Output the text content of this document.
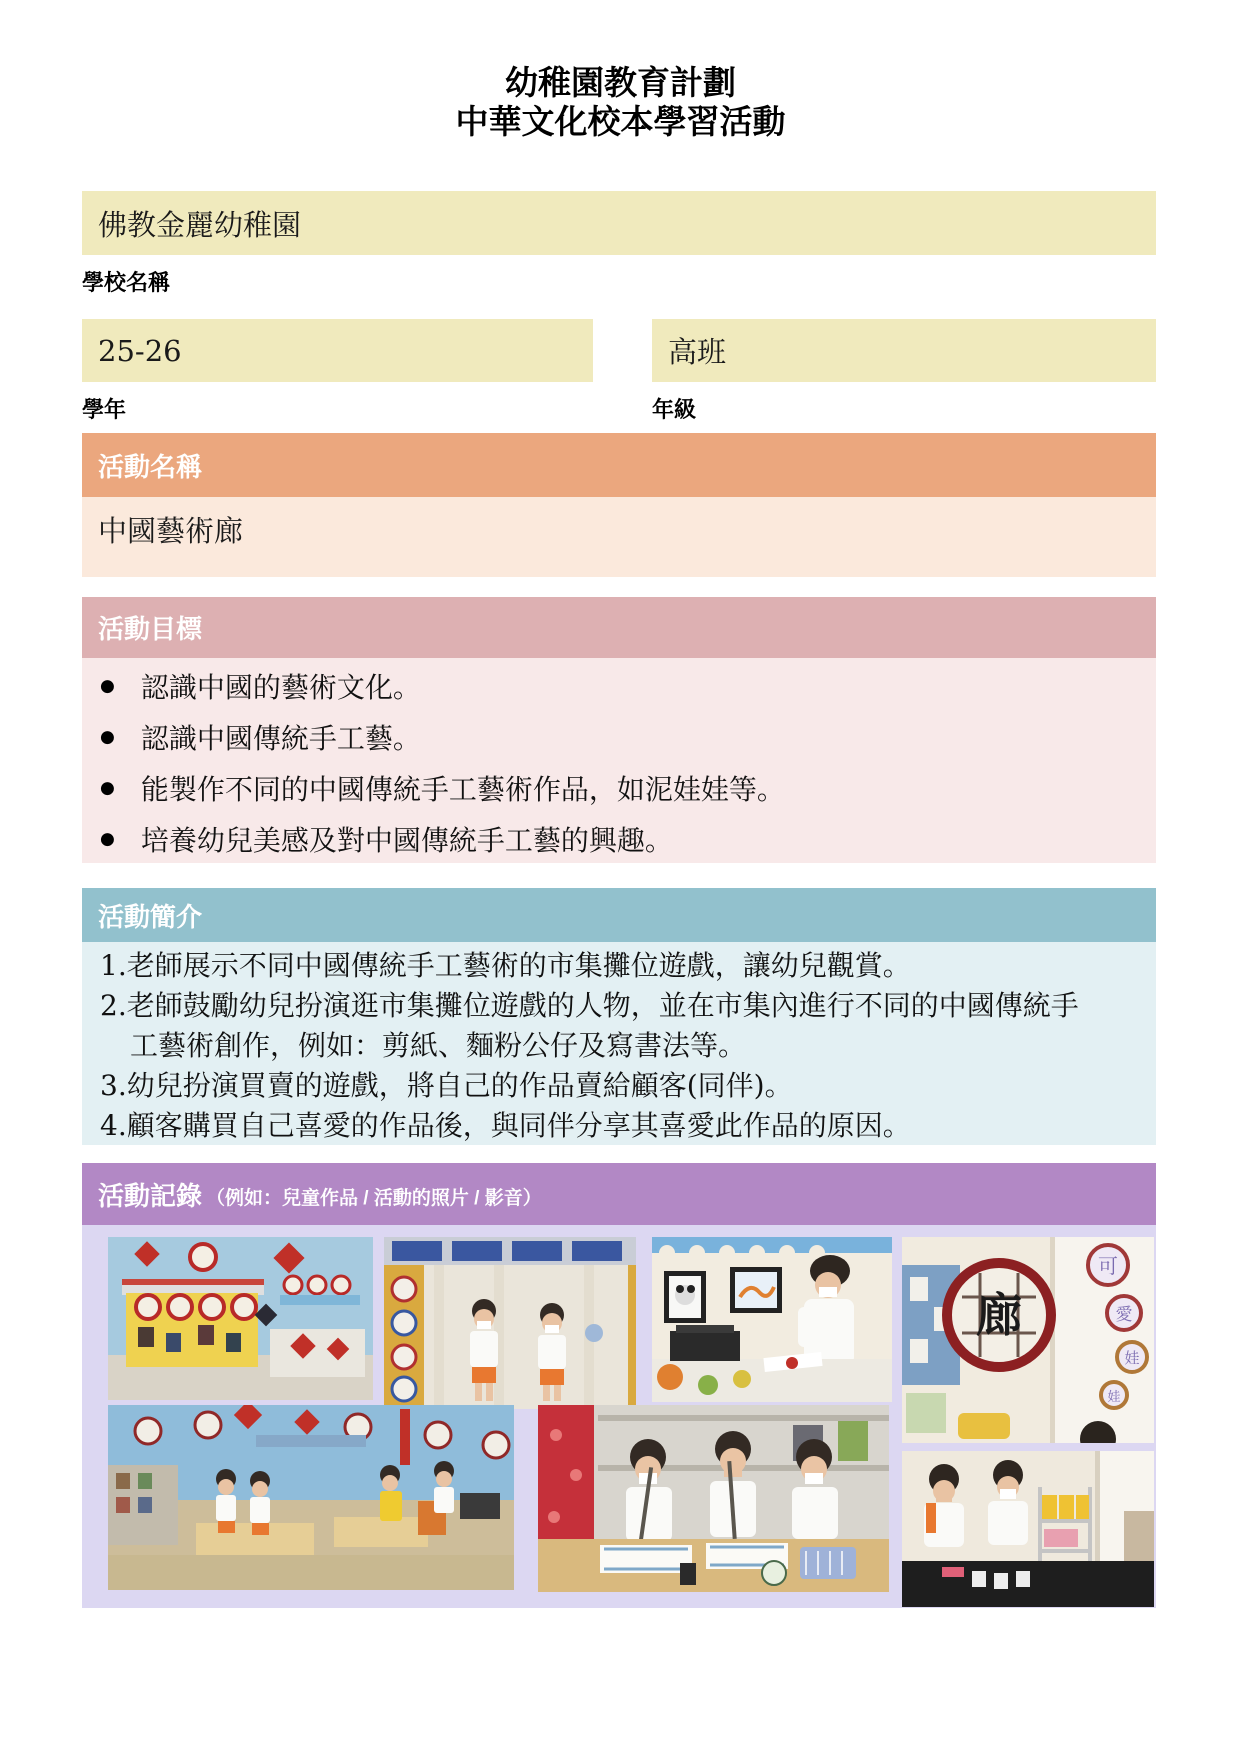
幼稚園教育計劃
中華文化校本學習活動
佛教金麗幼稚園
學校名稱
25-26	高班
學年	年級
活動名稱
中國藝術廊
活動目標
● 認識中國的藝術文化。
● 認識中國傳統手工藝。
● 能製作不同的中國傳統手工藝術作品，如泥娃娃等。
● 培養幼兒美感及對中國傳統手工藝的興趣。
活動簡介
1.老師展示不同中國傳統手工藝術的市集攤位遊戲，讓幼兒觀賞。
2.老師鼓勵幼兒扮演逛市集攤位遊戲的人物，並在市集內進行不同的中國傳統手
工藝術創作，例如：剪紙、麵粉公仔及寫書法等。
3.幼兒扮演買賣的遊戲，將自己的作品賣給顧客(同伴)。
4.顧客購買自己喜愛的作品後，與同伴分享其喜愛此作品的原因。
活動記錄 （例如：兒童作品 / 活動的照片 / 影音）
廊
可
愛
娃
娃
